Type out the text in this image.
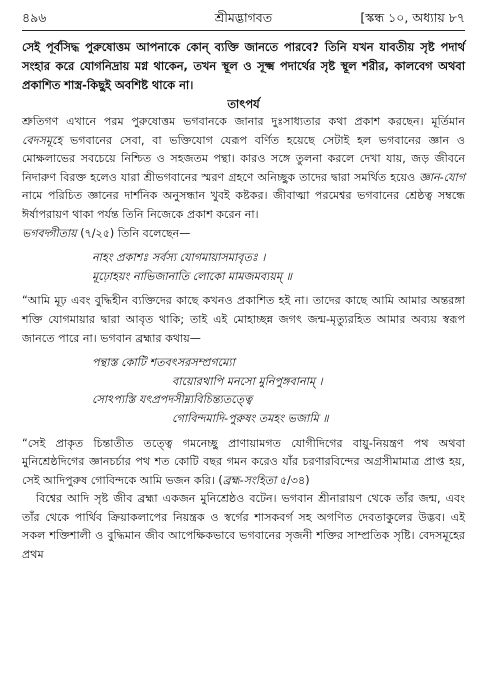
৪৯৬	শ্রীমদ্ভাগবত	[স্কন্ধ ১০, অধ্যায় ৮৭

সেই পূর্বসিদ্ধ পুরুষোত্তম আপনাকে কোন্ ব্যক্তি জানতে পারবে? তিনি যখন যাবতীয় সৃষ্ট পদার্থ সংহার করে যোগনিদ্রায় মগ্ন থাকেন, তখন স্থূল ও সূক্ষ্ম পদার্থের সৃষ্ট স্থূল শরীর, কালবেগ অথবা প্রকাশিত শাস্ত্র-কিছুই অবশিষ্ট থাকে না।

তাৎপর্য

শ্রুতিগণ এখানে পরম পুরুষোত্তম ভগবানকে জানার দুঃসাধ্যতার কথা প্রকাশ করছেন। মূর্তিমান বেদসমূহে ভগবানের সেবা, বা ভক্তিযোগ যেরূপ বর্ণিত হয়েছে সেটাই হল ভগবানের জ্ঞান ও মোক্ষলাভের সবচেয়ে নিশ্চিত ও সহজতম পন্থা। কারও সঙ্গে তুলনা করলে দেখা যায়, জড় জীবনে নিদারুণ বিরক্ত হলেও যারা শ্রীভগবানের স্মরণ গ্রহণে অনিচ্ছুক তাদের দ্বারা সমর্থিত হয়েও জ্ঞান-যোগ নামে পরিচিত জ্ঞানের দার্শনিক অনুসন্ধান খুবই কষ্টকর। জীবাত্মা পরমেশ্বর ভগবানের শ্রেষ্ঠত্ব সম্বন্ধে ঈর্ষাপরায়ণ থাকা পর্যন্ত তিনি নিজেকে প্রকাশ করেন না।

ভগবদ্গীতায় (৭/২৫) তিনি বলেছেন—

নাহং প্রকাশঃ সর্বস্য যোগমায়াসমাবৃতঃ ।

মূঢ়োহয়ং নাভিজানাতি লোকো মামজমব্যয়ম্ ॥

“আমি মূঢ় এবং বুদ্ধিহীন ব্যক্তিদের কাছে কখনও প্রকাশিত হই না। তাদের কাছে আমি আমার অন্তরঙ্গা শক্তি যোগমায়ার দ্বারা আবৃত থাকি; তাই এই মোহাচ্ছন্ন জগৎ জন্ম-মৃত্যুরহিত আমার অব্যয় স্বরূপ জানতে পারে না। ভগবান ব্রহ্মার কথায়—

পন্থাস্ত কোটি শতবৎসরসম্প্রগম্যো

বায়োরথাপি মনসো মুনিপুঙ্গবানাম্ ।

সোঽপ্যস্তি যৎপ্রপদসীম্ন্যবিচিন্ত্যতত্ত্বে

গোবিন্দমাদি-পুরুষং তমহং ভজামি ॥

“সেই প্রাকৃত চিন্তাতীত তত্ত্বে গমনেচ্ছু প্রাণায়ামগত যোগীদিগের বায়ু-নিয়ন্ত্রণ পথ অথবা মুনিশ্রেষ্ঠদিগের জ্ঞানচর্চার পথ শত কোটি বছর গমন করেও যাঁর চরণারবিন্দের অগ্রসীমামাত্র প্রাপ্ত হয়, সেই আদিপুরুষ গোবিন্দকে আমি ভজন করি। (ব্রহ্ম-সংহিতা ৫/৩৪)

বিশ্বের আদি সৃষ্ট জীব ব্রহ্মা একজন মুনিশ্রেষ্ঠও বটেন। ভগবান শ্রীনারায়ণ থেকে তাঁর জন্ম, এবং তাঁর থেকে পার্থিব ক্রিয়াকলাপের নিয়ন্ত্রক ও স্বর্গের শাসকবর্গ সহ অগণিত দেবতাকুলের উদ্ভব। এই সকল শক্তিশালী ও বুদ্ধিমান জীব আপেক্ষিকভাবে ভগবানের সৃজনী শক্তির সাম্প্রতিক সৃষ্টি। বেদসমূহের প্রথম
